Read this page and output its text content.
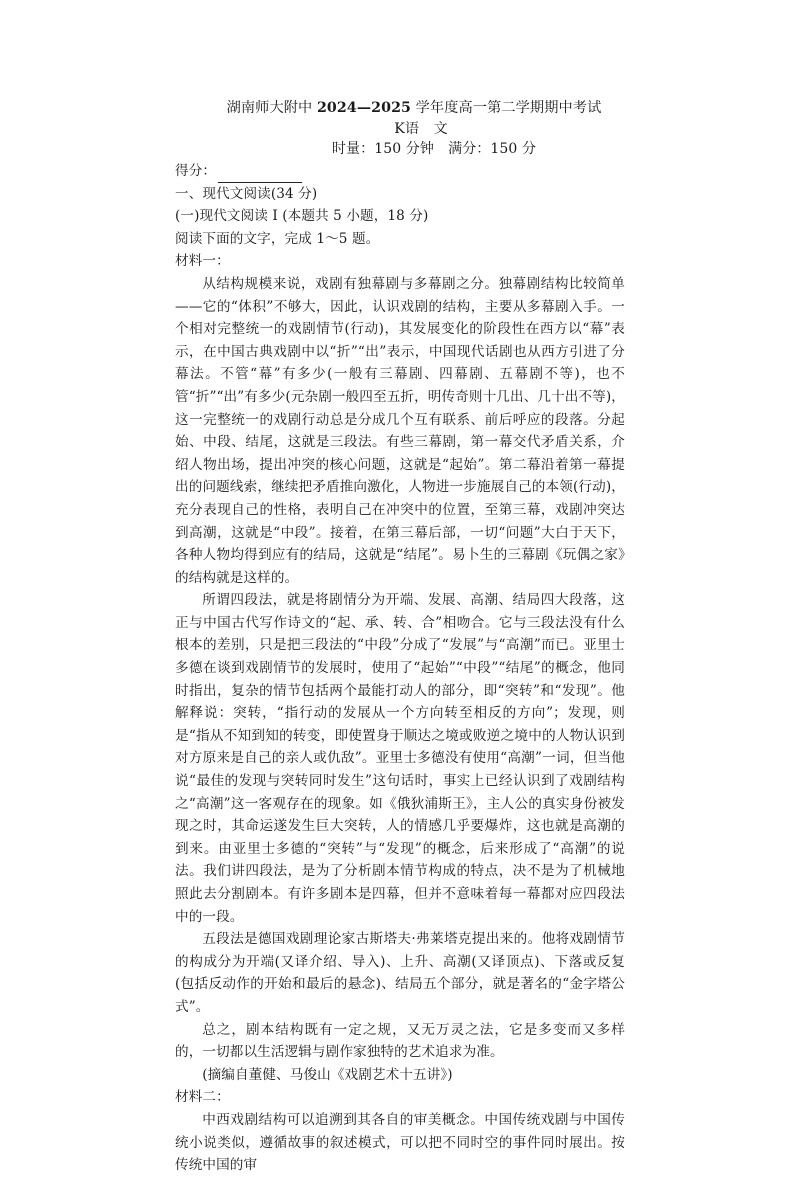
湖南师大附中 2024—2025 学年度高一第二学期期中考试

K语　文

时量：150 分钟　满分：150 分

得分：

一、现代文阅读(34 分)

(一)现代文阅读 I (本题共 5 小题，18 分)

阅读下面的文字，完成 1～5 题。

材料一：

从结构规模来说，戏剧有独幕剧与多幕剧之分。独幕剧结构比较简单——它的“体积”不够大，因此，认识戏剧的结构，主要从多幕剧入手。一个相对完整统一的戏剧情节(行动)，其发展变化的阶段性在西方以“幕”表示，在中国古典戏剧中以“折”“出”表示，中国现代话剧也从西方引进了分幕法。不管“幕”有多少(一般有三幕剧、四幕剧、五幕剧不等)，也不管“折”“出”有多少(元杂剧一般四至五折，明传奇则十几出、几十出不等)，这一完整统一的戏剧行动总是分成几个互有联系、前后呼应的段落。分起始、中段、结尾，这就是三段法。有些三幕剧，第一幕交代矛盾关系，介绍人物出场，提出冲突的核心问题，这就是“起始”。第二幕沿着第一幕提出的问题线索，继续把矛盾推向激化，人物进一步施展自己的本领(行动)，充分表现自己的性格，表明自己在冲突中的位置，至第三幕，戏剧冲突达到高潮，这就是“中段”。接着，在第三幕后部，一切“问题”大白于天下，各种人物均得到应有的结局，这就是“结尾”。易卜生的三幕剧《玩偶之家》的结构就是这样的。

所谓四段法，就是将剧情分为开端、发展、高潮、结局四大段落，这正与中国古代写作诗文的“起、承、转、合”相吻合。它与三段法没有什么根本的差别，只是把三段法的“中段”分成了“发展”与“高潮”而已。亚里士多德在谈到戏剧情节的发展时，使用了“起始”“中段”“结尾”的概念，他同时指出，复杂的情节包括两个最能打动人的部分，即“突转”和“发现”。他解释说：突转，“指行动的发展从一个方向转至相反的方向”；发现，则是“指从不知到知的转变，即使置身于顺达之境或败逆之境中的人物认识到对方原来是自己的亲人或仇敌”。亚里士多德没有使用“高潮”一词，但当他说“最佳的发现与突转同时发生”这句话时，事实上已经认识到了戏剧结构之“高潮”这一客观存在的现象。如《俄狄浦斯王》，主人公的真实身份被发现之时，其命运遂发生巨大突转，人的情感几乎要爆炸，这也就是高潮的到来。由亚里士多德的“突转”与“发现”的概念，后来形成了“高潮”的说法。我们讲四段法，是为了分析剧本情节构成的特点，决不是为了机械地照此去分割剧本。有许多剧本是四幕，但并不意味着每一幕都对应四段法中的一段。

五段法是德国戏剧理论家古斯塔夫·弗莱塔克提出来的。他将戏剧情节的构成分为开端(又译介绍、导入)、上升、高潮(又译顶点)、下落或反复(包括反动作的开始和最后的悬念)、结局五个部分，就是著名的“金字塔公式”。

总之，剧本结构既有一定之规，又无万灵之法，它是多变而又多样的，一切都以生活逻辑与剧作家独特的艺术追求为准。

(摘编自董健、马俊山《戏剧艺术十五讲》)

材料二：

中西戏剧结构可以追溯到其各自的审美概念。中国传统戏剧与中国传统小说类似，遵循故事的叙述模式，可以把不同时空的事件同时展出。按传统中国的审
